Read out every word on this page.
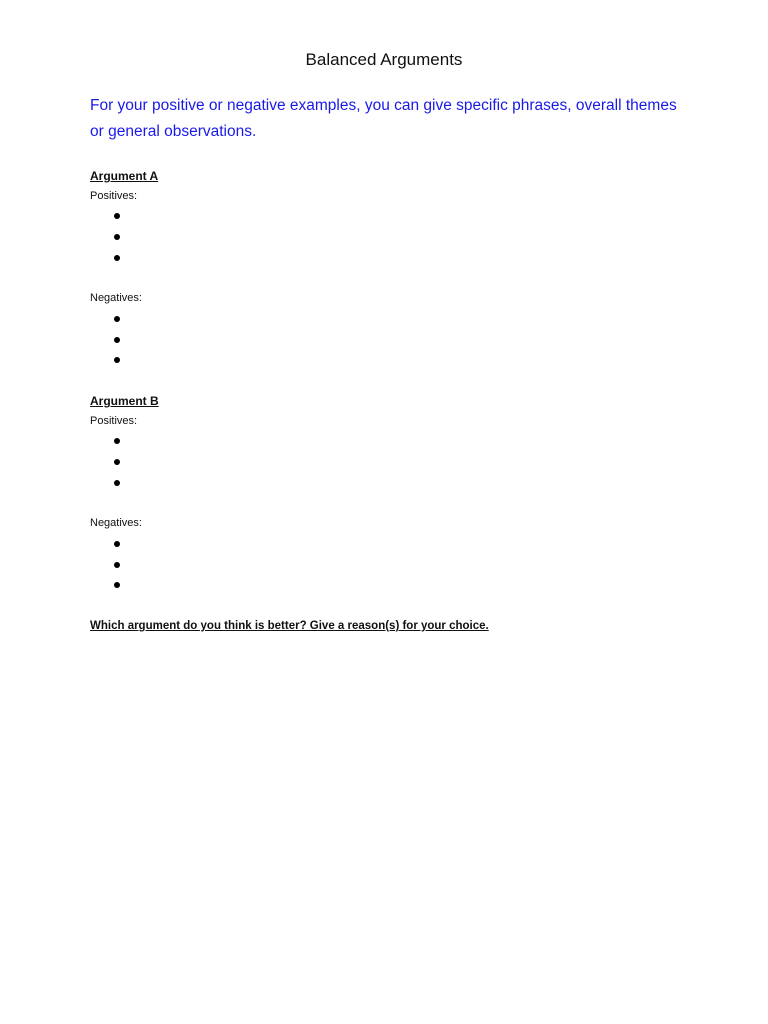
Balanced Arguments
For your positive or negative examples, you can give specific phrases, overall themes or general observations.
Argument A
Positives:
Negatives:
Argument B
Positives:
Negatives:
Which argument do you think is better? Give a reason(s) for your choice.
